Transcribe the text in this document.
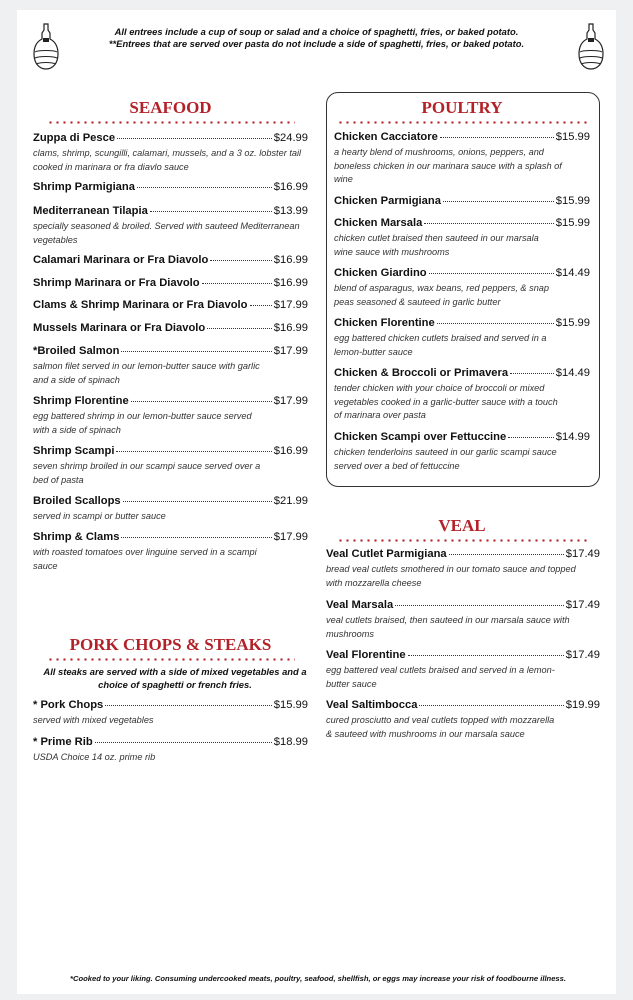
All entrees include a cup of soup or salad and a choice of spaghetti, fries, or baked potato.
**Entrees that are served over pasta do not include a side of spaghetti, fries, or baked potato.
SEAFOOD
Zuppa di Pesce	$24.99
clams, shrimp, scungilli, calamari, mussels, and a 3 oz. lobster tail cooked in marinara or fra diavlo sauce
Shrimp Parmigiana	$16.99
Mediterranean Tilapia	$13.99
specially seasoned & broiled. Served with sauteed Mediterranean vegetables
Calamari Marinara or Fra Diavolo	$16.99
Shrimp Marinara or Fra Diavolo	$16.99
Clams & Shrimp Marinara or Fra Diavolo $17.99
Mussels Marinara or Fra Diavolo	$16.99
*Broiled Salmon	$17.99
salmon filet served in our lemon-butter sauce with garlic and a side of spinach
Shrimp Florentine	$17.99
egg battered shrimp in our lemon-butter sauce served with a side of spinach
Shrimp Scampi	$16.99
seven shrimp broiled in our scampi sauce served over a bed of pasta
Broiled Scallops	$21.99
served in scampi or butter sauce
Shrimp & Clams	$17.99
with roasted tomatoes over linguine served in a scampi sauce
PORK CHOPS & STEAKS
All steaks are served with a side of mixed vegetables and a choice of spaghetti or french fries.
* Pork Chops	$15.99
served with mixed vegetables
* Prime Rib	$18.99
USDA Choice 14 oz. prime rib
POULTRY
Chicken Cacciatore	$15.99
a hearty blend of mushrooms, onions, peppers, and boneless chicken in our marinara sauce with a splash of wine
Chicken Parmigiana	$15.99
Chicken Marsala	$15.99
chicken cutlet braised then sauteed in our marsala wine sauce with mushrooms
Chicken Giardino	$14.49
blend of asparagus, wax beans, red peppers, & snap peas seasoned & sauteed in garlic butter
Chicken Florentine	$15.99
egg battered chicken cutlets braised and served in a lemon-butter sauce
Chicken & Broccoli or Primavera	$14.49
tender chicken with your choice of broccoli or mixed vegetables cooked in a garlic-butter sauce with a touch of marinara over pasta
Chicken Scampi over Fettuccine	$14.99
chicken tenderloins sauteed in our garlic scampi sauce served over a bed of fettuccine
VEAL
Veal Cutlet Parmigiana	$17.49
bread veal cutlets smothered in our tomato sauce and topped with mozzarella cheese
Veal Marsala	$17.49
veal cutlets braised, then sauteed in our marsala sauce with mushrooms
Veal Florentine	$17.49
egg battered veal cutlets braised and served in a lemon-butter sauce
Veal Saltimbocca	$19.99
cured prosciutto and veal cutlets topped with mozzarella & sauteed with mushrooms in our marsala sauce
*Cooked to your liking. Consuming undercooked meats, poultry, seafood, shellfish, or eggs may increase your risk of foodbourne illness.
